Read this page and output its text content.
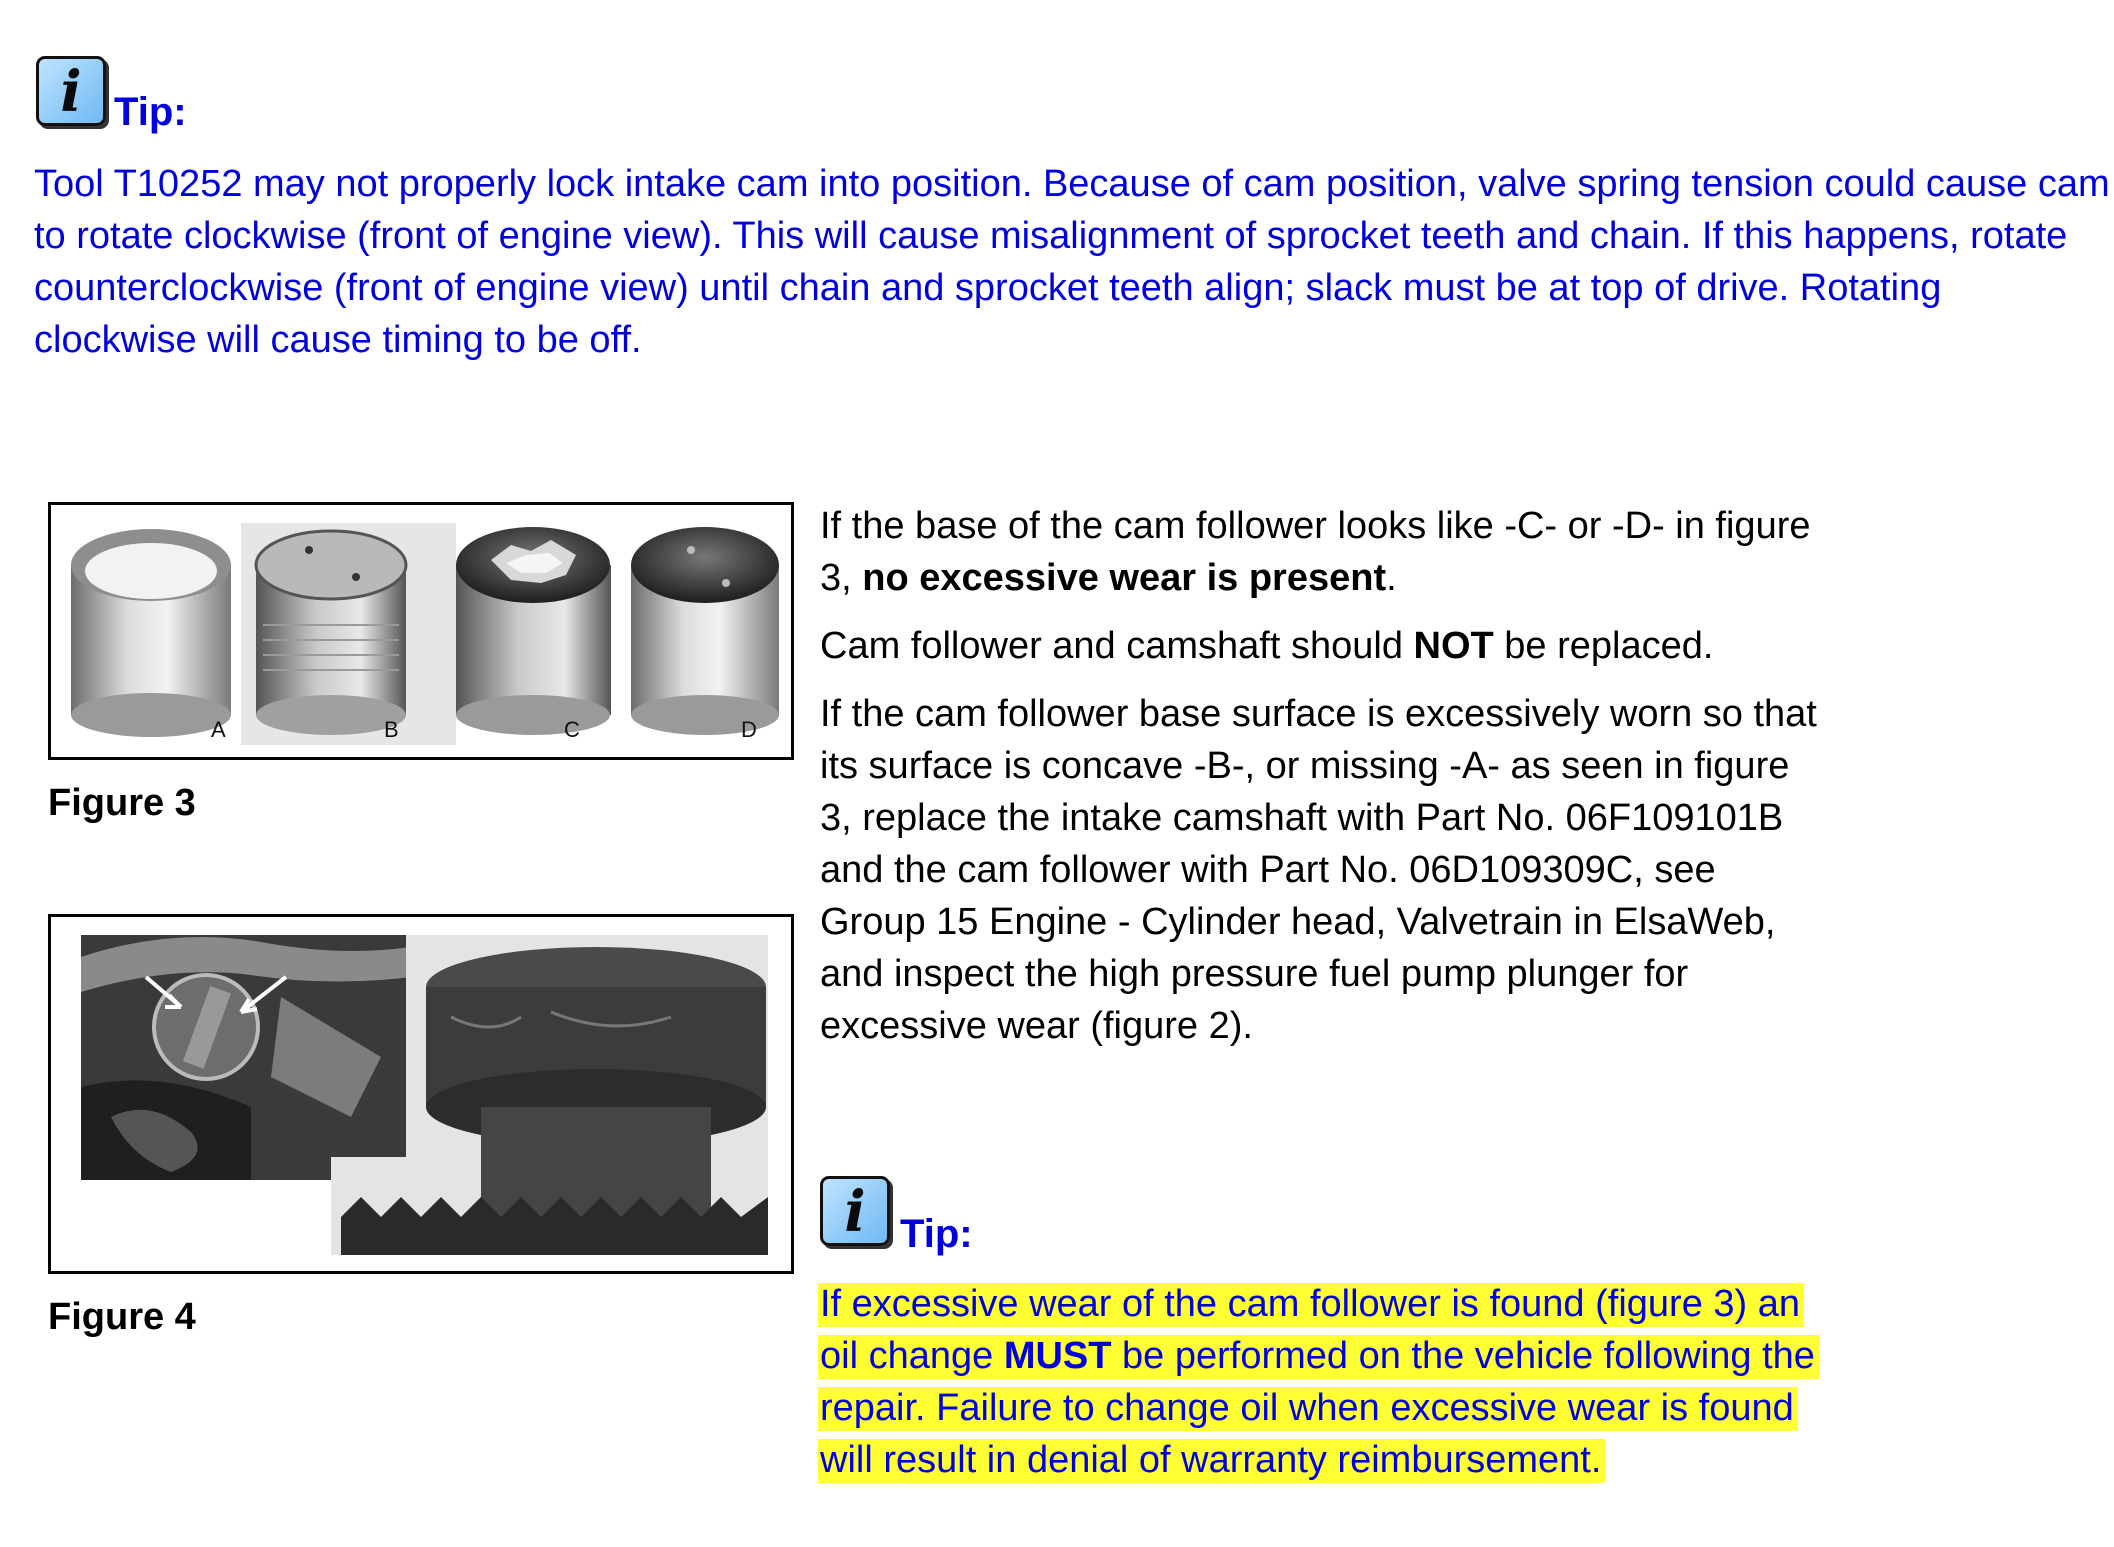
i Tip:

Tool T10252 may not properly lock intake cam into position. Because of cam position, valve spring tension could cause cam to rotate clockwise (front of engine view). This will cause misalignment of sprocket teeth and chain. If this happens, rotate counterclockwise (front of engine view) until chain and sprocket teeth align; slack must be at top of drive. Rotating clockwise will cause timing to be off.

A	B	C	D
Figure 3
Figure 4

If the base of the cam follower looks like -C- or -D- in figure 3, no excessive wear is present.

Cam follower and camshaft should NOT be replaced.

If the cam follower base surface is excessively worn so that its surface is concave -B-, or missing -A- as seen in figure 3, replace the intake camshaft with Part No. 06F109101B and the cam follower with Part No. 06D109309C, see Group 15 Engine - Cylinder head, Valvetrain in ElsaWeb, and inspect the high pressure fuel pump plunger for excessive wear (figure 2).

i Tip:
If excessive wear of the cam follower is found (figure 3) an oil change MUST be performed on the vehicle following the repair. Failure to change oil when excessive wear is found will result in denial of warranty reimbursement.
